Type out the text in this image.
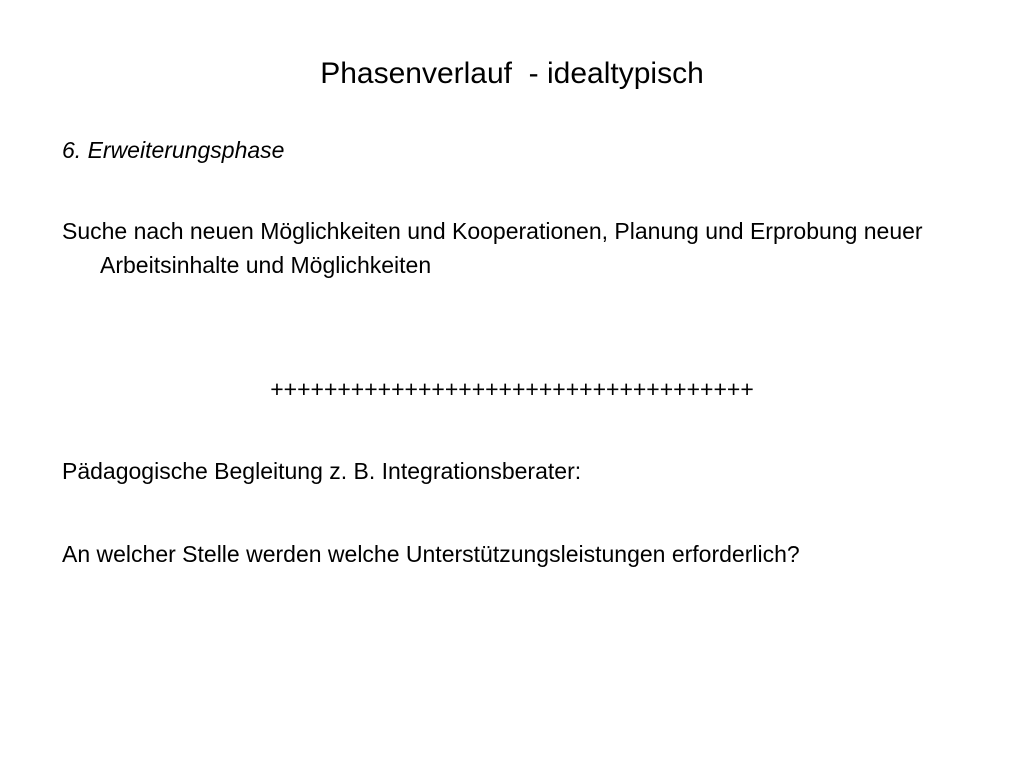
Phasenverlauf  - idealtypisch
6. Erweiterungsphase
Suche nach neuen Möglichkeiten und Kooperationen, Planung und Erprobung neuer Arbeitsinhalte und Möglichkeiten
++++++++++++++++++++++++++++++++++++
Pädagogische Begleitung z. B. Integrationsberater:
An welcher Stelle werden welche Unterstützungsleistungen erforderlich?
